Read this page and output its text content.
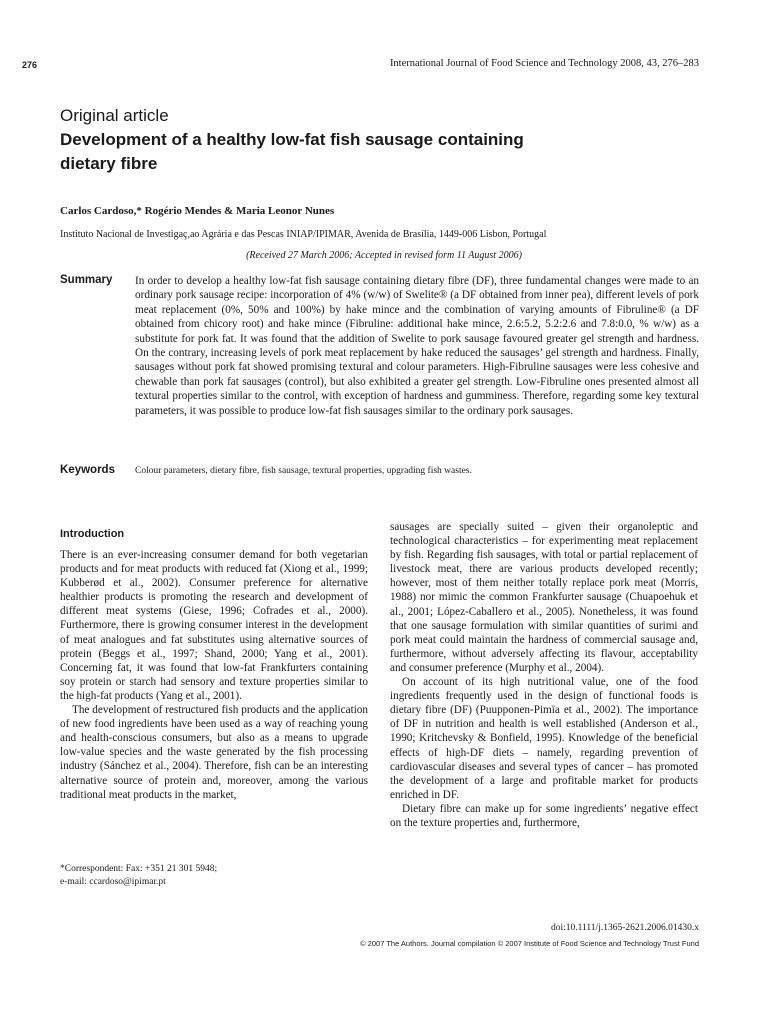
276	International Journal of Food Science and Technology 2008, 43, 276–283
Original article
Development of a healthy low-fat fish sausage containing
dietary fibre
Carlos Cardoso,* Rogério Mendes & Maria Leonor Nunes
Instituto Nacional de Investigaç,ao Agrária e das Pescas INIAP/IPIMAR, Avenida de Brasília, 1449-006 Lisbon, Portugal
(Received 27 March 2006; Accepted in revised form 11 August 2006)
Summary In order to develop a healthy low-fat fish sausage containing dietary fibre (DF), three fundamental changes were made to an ordinary pork sausage recipe: incorporation of 4% (w/w) of Swelite® (a DF obtained from inner pea), different levels of pork meat replacement (0%, 50% and 100%) by hake mince and the combination of varying amounts of Fibruline® (a DF obtained from chicory root) and hake mince (Fibruline: additional hake mince, 2.6:5.2, 5.2:2.6 and 7.8:0.0, % w/w) as a substitute for pork fat. It was found that the addition of Swelite to pork sausage favoured greater gel strength and hardness. On the contrary, increasing levels of pork meat replacement by hake reduced the sausages’ gel strength and hardness. Finally, sausages without pork fat showed promising textural and colour parameters. High-Fibruline sausages were less cohesive and chewable than pork fat sausages (control), but also exhibited a greater gel strength. Low-Fibruline ones presented almost all textural properties similar to the control, with exception of hardness and gumminess. Therefore, regarding some key textural parameters, it was possible to produce low-fat fish sausages similar to the ordinary pork sausages.
Keywords Colour parameters, dietary fibre, fish sausage, textural properties, upgrading fish wastes.
Introduction

There is an ever-increasing consumer demand for both vegetarian products and for meat products with reduced fat (Xiong et al., 1999; Kubberød et al., 2002). Consumer preference for alternative healthier products is promoting the research and development of different meat systems (Giese, 1996; Cofrades et al., 2000). Furthermore, there is growing consumer interest in the development of meat analogues and fat substitutes using alternative sources of protein (Beggs et al., 1997; Shand, 2000; Yang et al., 2001). Concerning fat, it was found that low-fat Frankfurters containing soy protein or starch had sensory and texture properties similar to the high-fat products (Yang et al., 2001).

The development of restructured fish products and the application of new food ingredients have been used as a way of reaching young and health-conscious consumers, but also as a means to upgrade low-value species and the waste generated by the fish processing industry (Sánchez et al., 2004). Therefore, fish can be an interesting alternative source of protein and, moreover, among the various traditional meat products in the market,

sausages are specially suited – given their organoleptic and technological characteristics – for experimenting meat replacement by fish. Regarding fish sausages, with total or partial replacement of livestock meat, there are various products developed recently; however, most of them neither totally replace pork meat (Morris, 1988) nor mimic the common Frankfurter sausage (Chuapoehuk et al., 2001; López-Caballero et al., 2005). Nonetheless, it was found that one sausage formulation with similar quantities of surimi and pork meat could maintain the hardness of commercial sausage and, furthermore, without adversely affecting its flavour, acceptability and consumer preference (Murphy et al., 2004).

On account of its high nutritional value, one of the food ingredients frequently used in the design of functional foods is dietary fibre (DF) (Puupponen-Pimïa et al., 2002). The importance of DF in nutrition and health is well established (Anderson et al., 1990; Kritchevsky & Bonfield, 1995). Knowledge of the beneficial effects of high-DF diets – namely, regarding prevention of cardiovascular diseases and several types of cancer – has promoted the development of a large and profitable market for products enriched in DF.

Dietary fibre can make up for some ingredients’ negative effect on the texture properties and, furthermore,

*Correspondent: Fax: +351 21 301 5948;
e-mail: ccardoso@ipimar.pt
doi:10.1111/j.1365-2621.2006.01430.x
© 2007 The Authors. Journal compilation © 2007 Institute of Food Science and Technology Trust Fund
